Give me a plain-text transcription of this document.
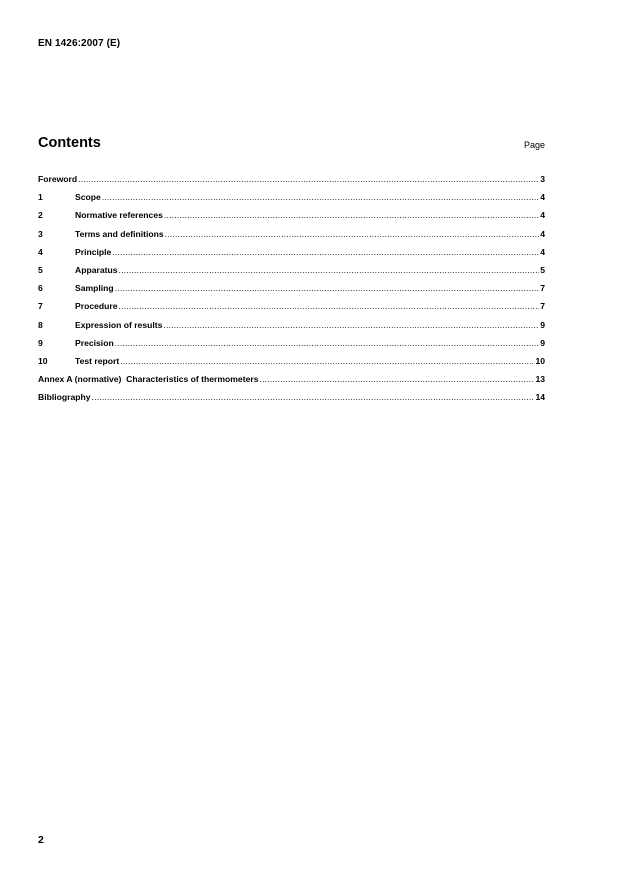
EN 1426:2007 (E)
Contents	Page
Foreword .....	3
1	Scope .....	4
2	Normative references .....	4
3	Terms and definitions .....	4
4	Principle .....	4
5	Apparatus .....	5
6	Sampling .....	7
7	Procedure .....	7
8	Expression of results .....	9
9	Precision .....	9
10	Test report .....	10
Annex A (normative)  Characteristics of thermometers .....	13
Bibliography .....	14
2
